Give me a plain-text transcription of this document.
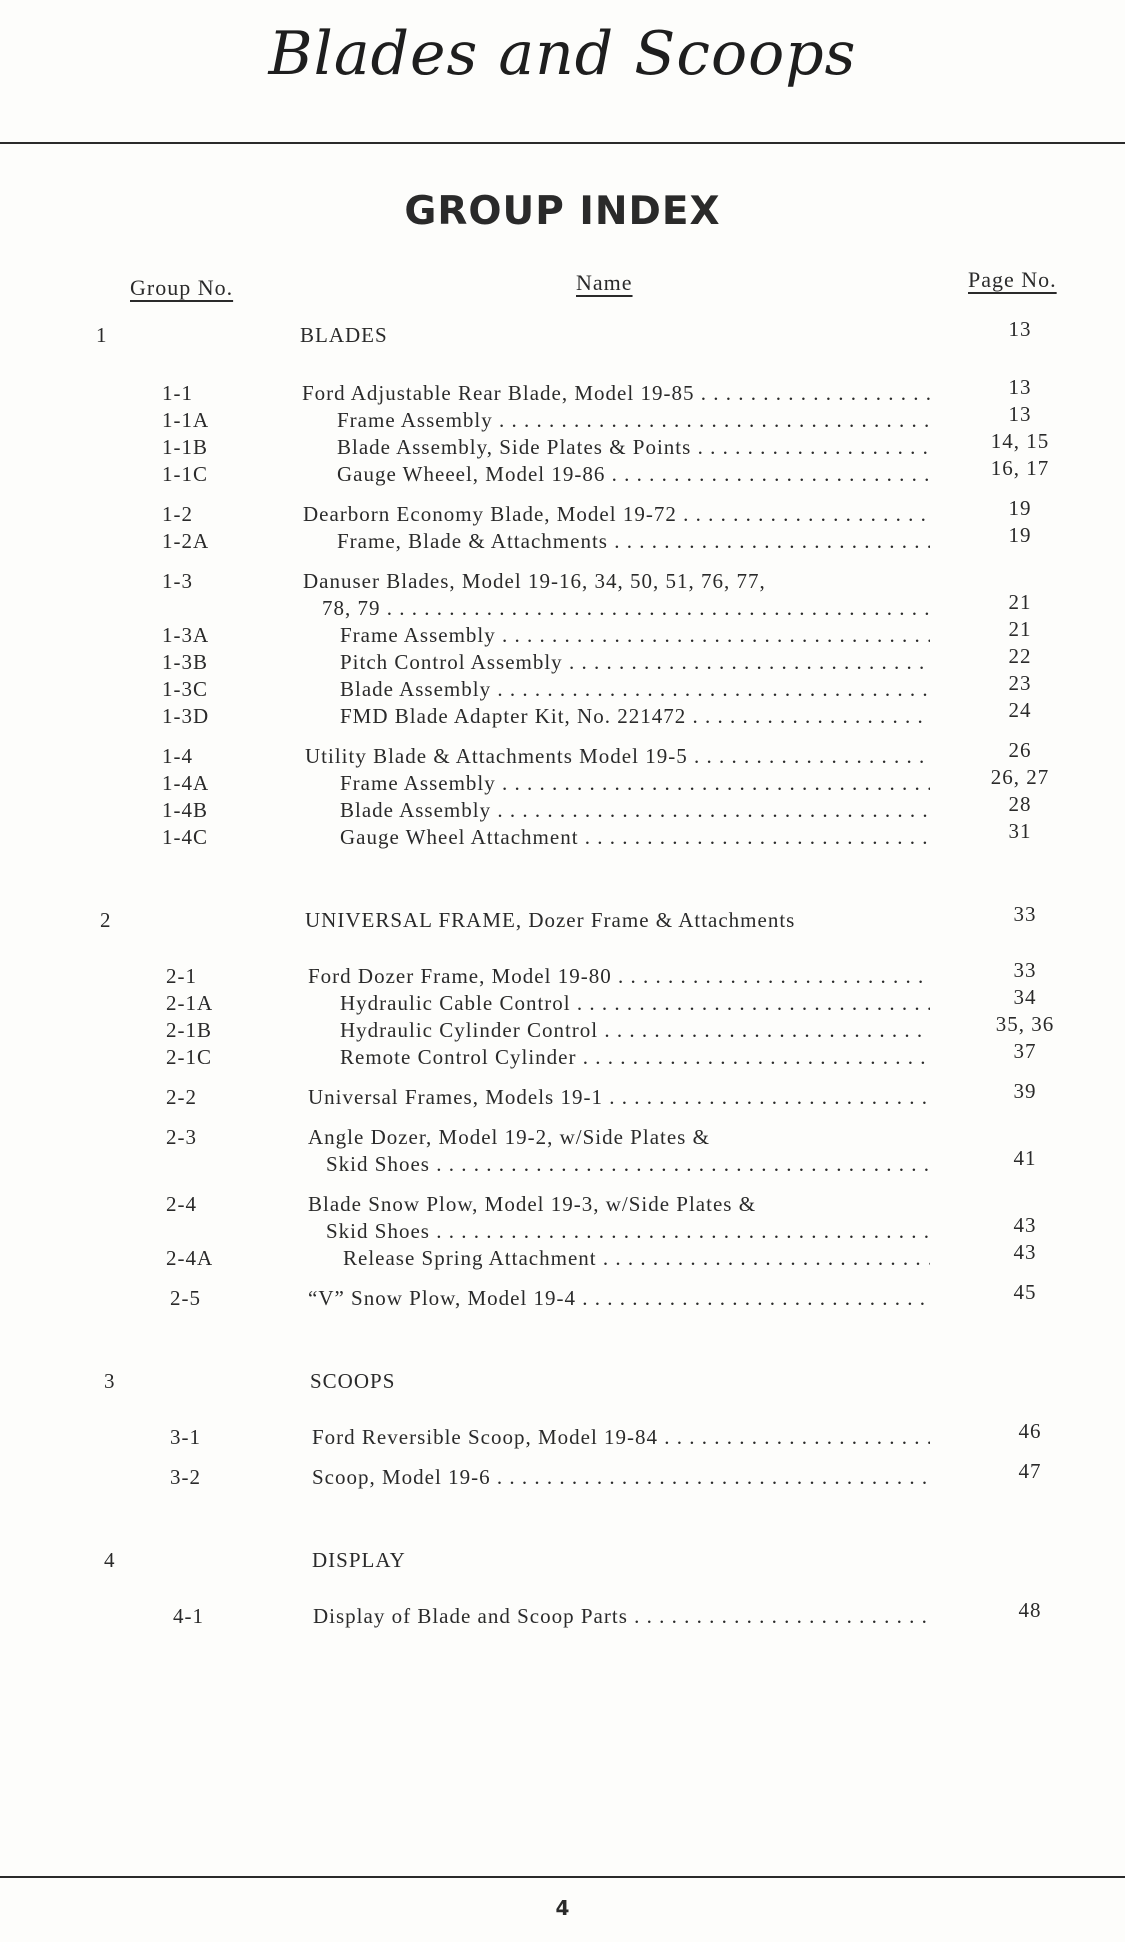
Blades and Scoops
GROUP INDEX
Group No.	Name	Page No.
1	BLADES	13
1-1	Ford Adjustable Rear Blade, Model 19-85 . . .	13
1-1A	Frame Assembly . . .	13
1-1B	Blade Assembly, Side Plates & Points . . .	14, 15
1-1C	Gauge Wheeel, Model 19-86 . . .	16, 17
1-2	Dearborn Economy Blade, Model 19-72 . . .	19
1-2A	Frame, Blade & Attachments . . .	19
1-3	Danuser Blades, Model 19-16, 34, 50, 51, 76, 77,
78, 79 . . .	21
1-3A	Frame Assembly . . .	21
1-3B	Pitch Control Assembly . . .	22
1-3C	Blade Assembly . . .	23
1-3D	FMD Blade Adapter Kit, No. 221472 . . .	24
1-4	Utility Blade & Attachments Model 19-5 . . .	26
1-4A	Frame Assembly . . .	26, 27
1-4B	Blade Assembly . . .	28
1-4C	Gauge Wheel Attachment . . .	31
2	UNIVERSAL FRAME, Dozer Frame & Attachments	33
2-1	Ford Dozer Frame, Model 19-80 . . .	33
2-1A	Hydraulic Cable Control . . .	34
2-1B	Hydraulic Cylinder Control . . .	35, 36
2-1C	Remote Control Cylinder . . .	37
2-2	Universal Frames, Models 19-1 . . .	39
2-3	Angle Dozer, Model 19-2, w/Side Plates &
Skid Shoes . . .	41
2-4	Blade Snow Plow, Model 19-3, w/Side Plates &
Skid Shoes . . .	43
2-4A	Release Spring Attachment . . .	43
2-5	“V” Snow Plow, Model 19-4 . . .	45
3	SCOOPS
3-1	Ford Reversible Scoop, Model 19-84 . . .	46
3-2	Scoop, Model 19-6 . . .	47
4	DISPLAY
4-1	Display of Blade and Scoop Parts . . .	48
4
